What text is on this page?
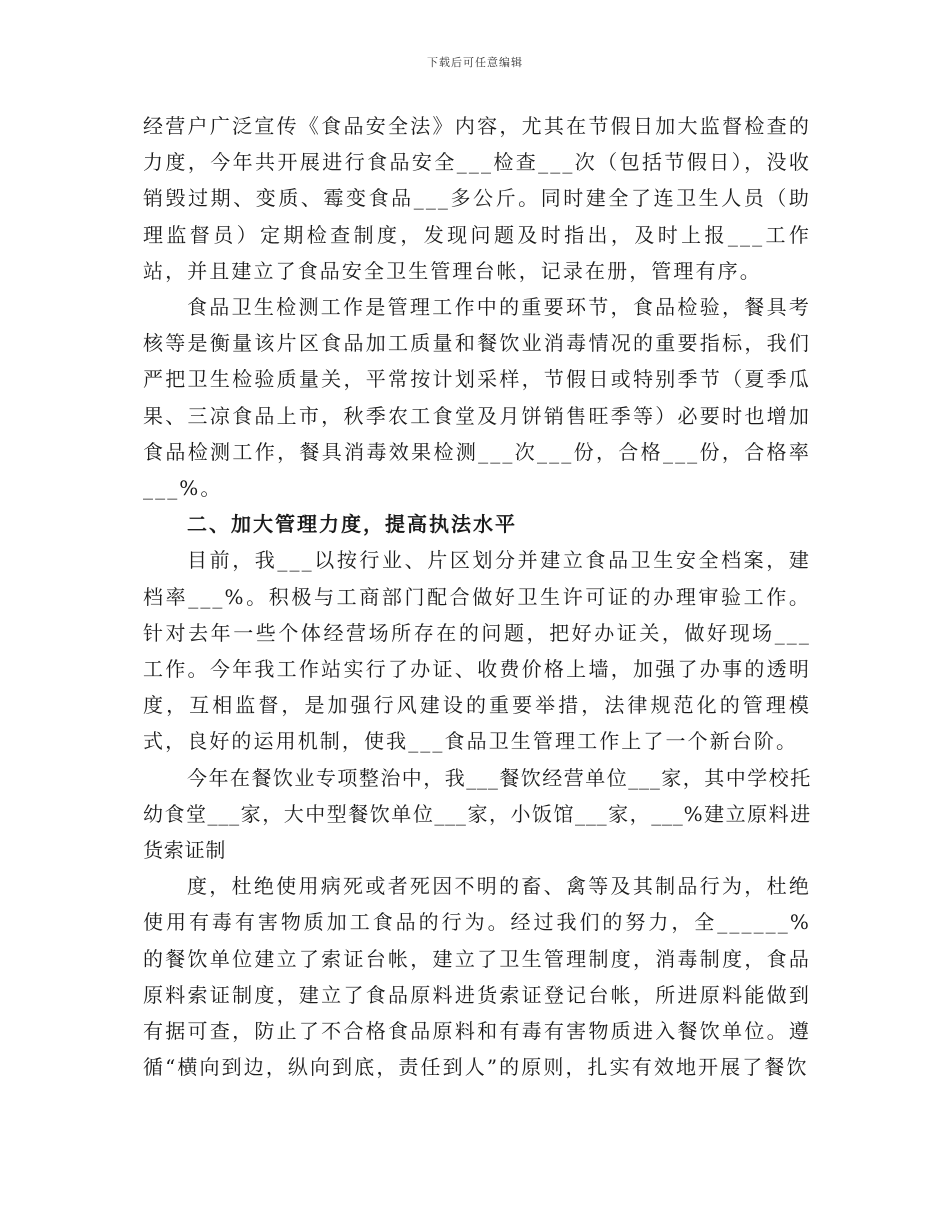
下载后可任意编辑

经营户广泛宣传《食品安全法》内容，尤其在节假日加大监督检查的力度，今年共开展进行食品安全___检查___次（包括节假日），没收销毁过期、变质、霉变食品___多公斤。同时建全了连卫生人员（助理监督员）定期检查制度，发现问题及时指出，及时上报___工作站，并且建立了食品安全卫生管理台帐，记录在册，管理有序。

食品卫生检测工作是管理工作中的重要环节，食品检验，餐具考核等是衡量该片区食品加工质量和餐饮业消毒情况的重要指标，我们严把卫生检验质量关，平常按计划采样，节假日或特别季节（夏季瓜果、三凉食品上市，秋季农工食堂及月饼销售旺季等）必要时也增加食品检测工作，餐具消毒效果检测___次___份，合格___份，合格率___%。

二、加大管理力度，提高执法水平

目前，我___以按行业、片区划分并建立食品卫生安全档案，建档率___%。积极与工商部门配合做好卫生许可证的办理审验工作。针对去年一些个体经营场所存在的问题，把好办证关，做好现场___工作。今年我工作站实行了办证、收费价格上墙，加强了办事的透明度，互相监督，是加强行风建设的重要举措，法律规范化的管理模式，良好的运用机制，使我___食品卫生管理工作上了一个新台阶。

今年在餐饮业专项整治中，我___餐饮经营单位___家，其中学校托幼食堂___家，大中型餐饮单位___家，小饭馆___家，___%建立原料进货索证制

度，杜绝使用病死或者死因不明的畜、禽等及其制品行为，杜绝使用有毒有害物质加工食品的行为。经过我们的努力，全______%的餐饮单位建立了索证台帐，建立了卫生管理制度，消毒制度，食品原料索证制度，建立了食品原料进货索证登记台帐，所进原料能做到有据可查，防止了不合格食品原料和有毒有害物质进入餐饮单位。遵循“横向到边，纵向到底，责任到人”的原则，扎实有效地开展了餐饮
